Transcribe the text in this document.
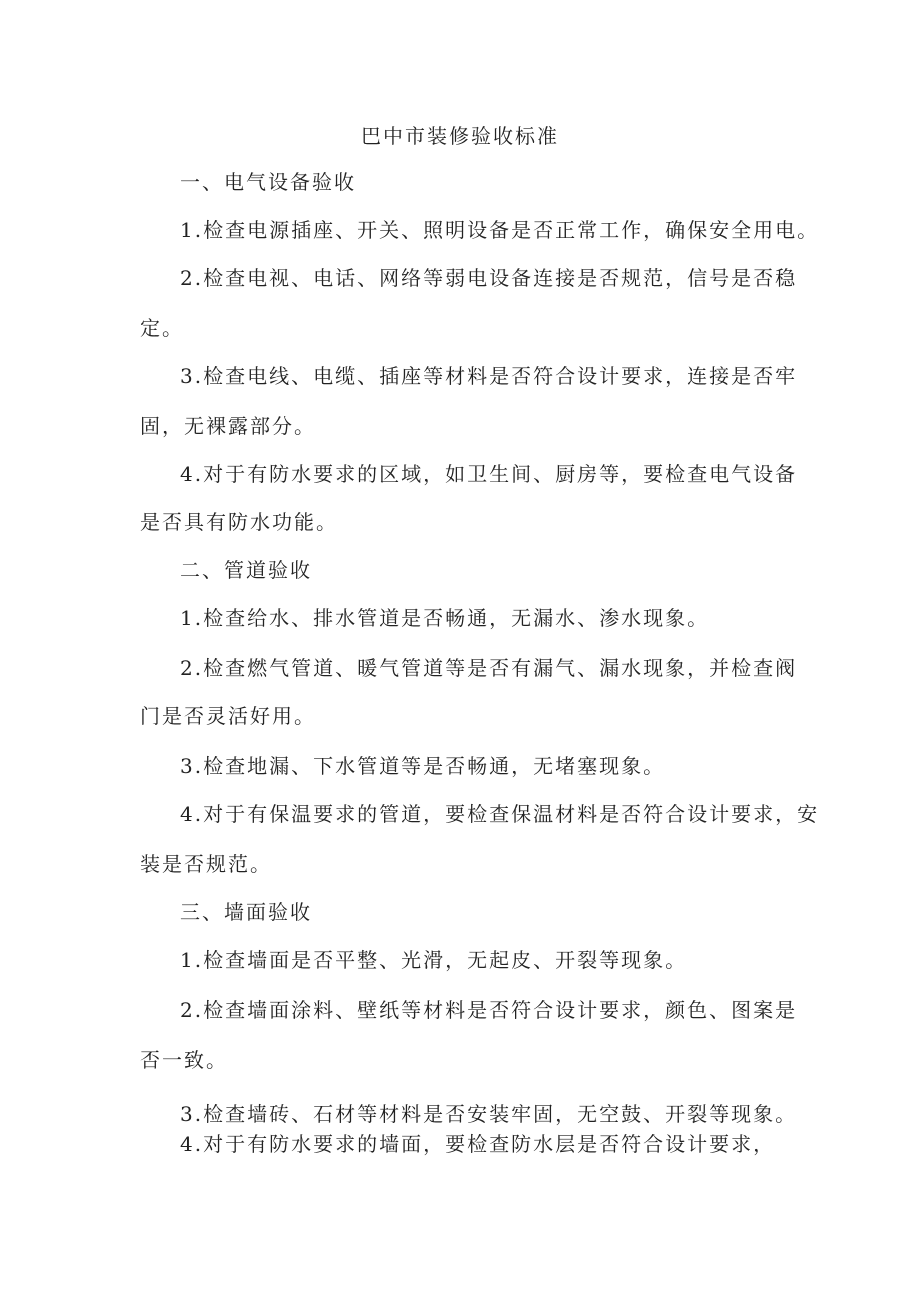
巴中市装修验收标准
一、电气设备验收
1.检查电源插座、开关、照明设备是否正常工作，确保安全用电。
2.检查电视、电话、网络等弱电设备连接是否规范，信号是否稳
定。
3.检查电线、电缆、插座等材料是否符合设计要求，连接是否牢
固，无裸露部分。
4.对于有防水要求的区域，如卫生间、厨房等，要检查电气设备
是否具有防水功能。
二、管道验收
1.检查给水、排水管道是否畅通，无漏水、渗水现象。
2.检查燃气管道、暖气管道等是否有漏气、漏水现象，并检查阀
门是否灵活好用。
3.检查地漏、下水管道等是否畅通，无堵塞现象。
4.对于有保温要求的管道，要检查保温材料是否符合设计要求，安
装是否规范。
三、墙面验收
1.检查墙面是否平整、光滑，无起皮、开裂等现象。
2.检查墙面涂料、壁纸等材料是否符合设计要求，颜色、图案是
否一致。
3.检查墙砖、石材等材料是否安装牢固，无空鼓、开裂等现象。
4.对于有防水要求的墙面，要检查防水层是否符合设计要求，
